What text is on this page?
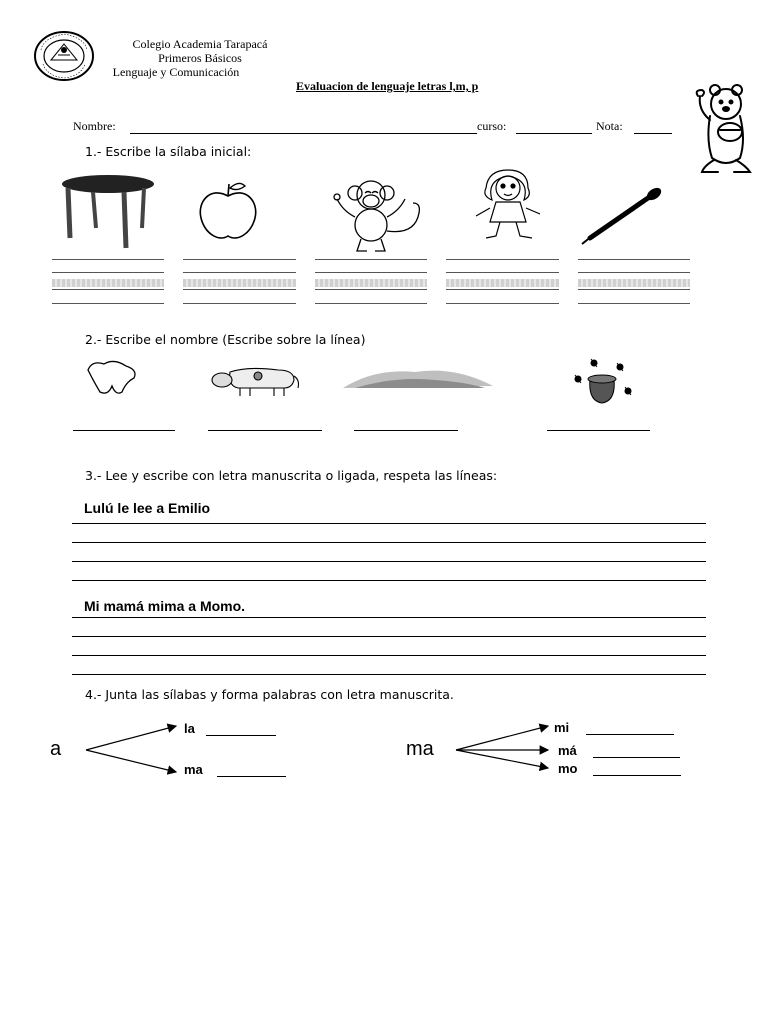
Colegio Academia Tarapacá
Primeros Básicos
Lenguaje y Comunicación
Evaluacion de lenguaje letras l,m, p
Nombre:	curso:	Nota:
1.- Escribe la sílaba inicial:
2.- Escribe el nombre (Escribe sobre la línea)
3.- Lee y escribe con letra manuscrita o ligada, respeta las líneas:
Lulú le lee a Emilio
Mi mamá mima a Momo.
4.- Junta las sílabas y forma palabras con letra manuscrita.
a
la
ma
ma
mi
má
mo
